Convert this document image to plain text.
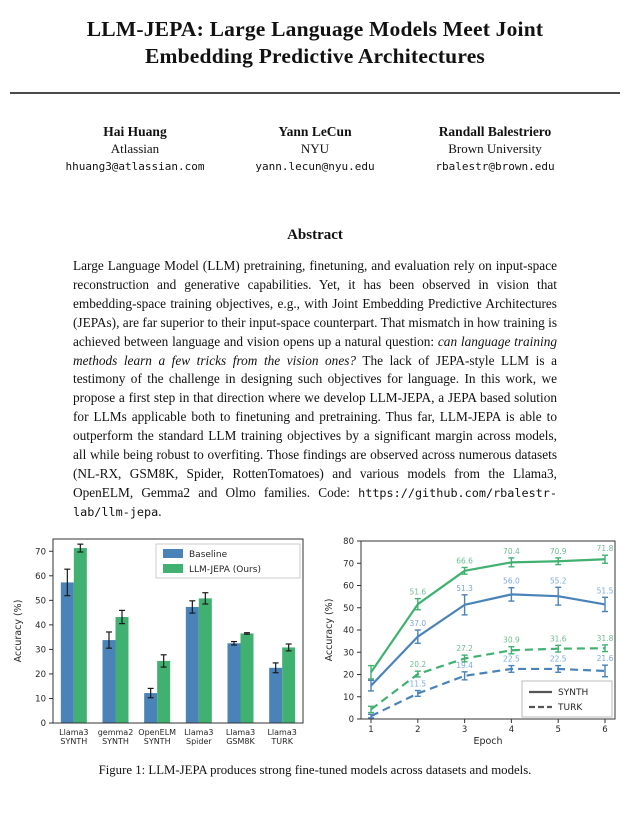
LLM-JEPA: Large Language Models Meet Joint
Embedding Predictive Architectures
Hai Huang
Atlassian
hhuang3@atlassian.com
Yann LeCun
NYU
yann.lecun@nyu.edu
Randall Balestriero
Brown University
rbalestr@brown.edu
Abstract

Large Language Model (LLM) pretraining, finetuning, and evaluation rely on input-space reconstruction and generative capabilities. Yet, it has been observed in vision that embedding-space training objectives, e.g., with Joint Embedding Predictive Architectures (JEPAs), are far superior to their input-space counterpart. That mismatch in how training is achieved between language and vision opens up a natural question: can language training methods learn a few tricks from the vision ones? The lack of JEPA-style LLM is a testimony of the challenge in designing such objectives for language. In this work, we propose a first step in that direction where we develop LLM-JEPA, a JEPA based solution for LLMs applicable both to finetuning and pretraining. Thus far, LLM-JEPA is able to outperform the standard LLM training objectives by a significant margin across models, all while being robust to overfiting. Those findings are observed across numerous datasets (NL-RX, GSM8K, Spider, RottenTomatoes) and various models from the Llama3, OpenELM, Gemma2 and Olmo families. Code: https://github.com/rbalestr-lab/llm-jepa.

0
10
20
30
40
50
60
70
Accuracy (%)
Llama3
SYNTH
gemma2
SYNTH
OpenELM
SYNTH
Llama3
Spider
Llama3
GSM8K
Llama3
TURK
Baseline
LLM-JEPA (Ours)
0
10
20
30
40
50
60
70
80
1	2	3	4	5	6
Epoch
Accuracy (%)
51.6
66.6
70.4	70.9	71.8
37.0
51.3
56.0	55.2
51.5
20.2
27.2
30.9	31.6	31.8
11.5
19.4
22.5	22.5	21.6
SYNTH
TURK

Figure 1: LLM-JEPA produces strong fine-tuned models across datasets and models.
